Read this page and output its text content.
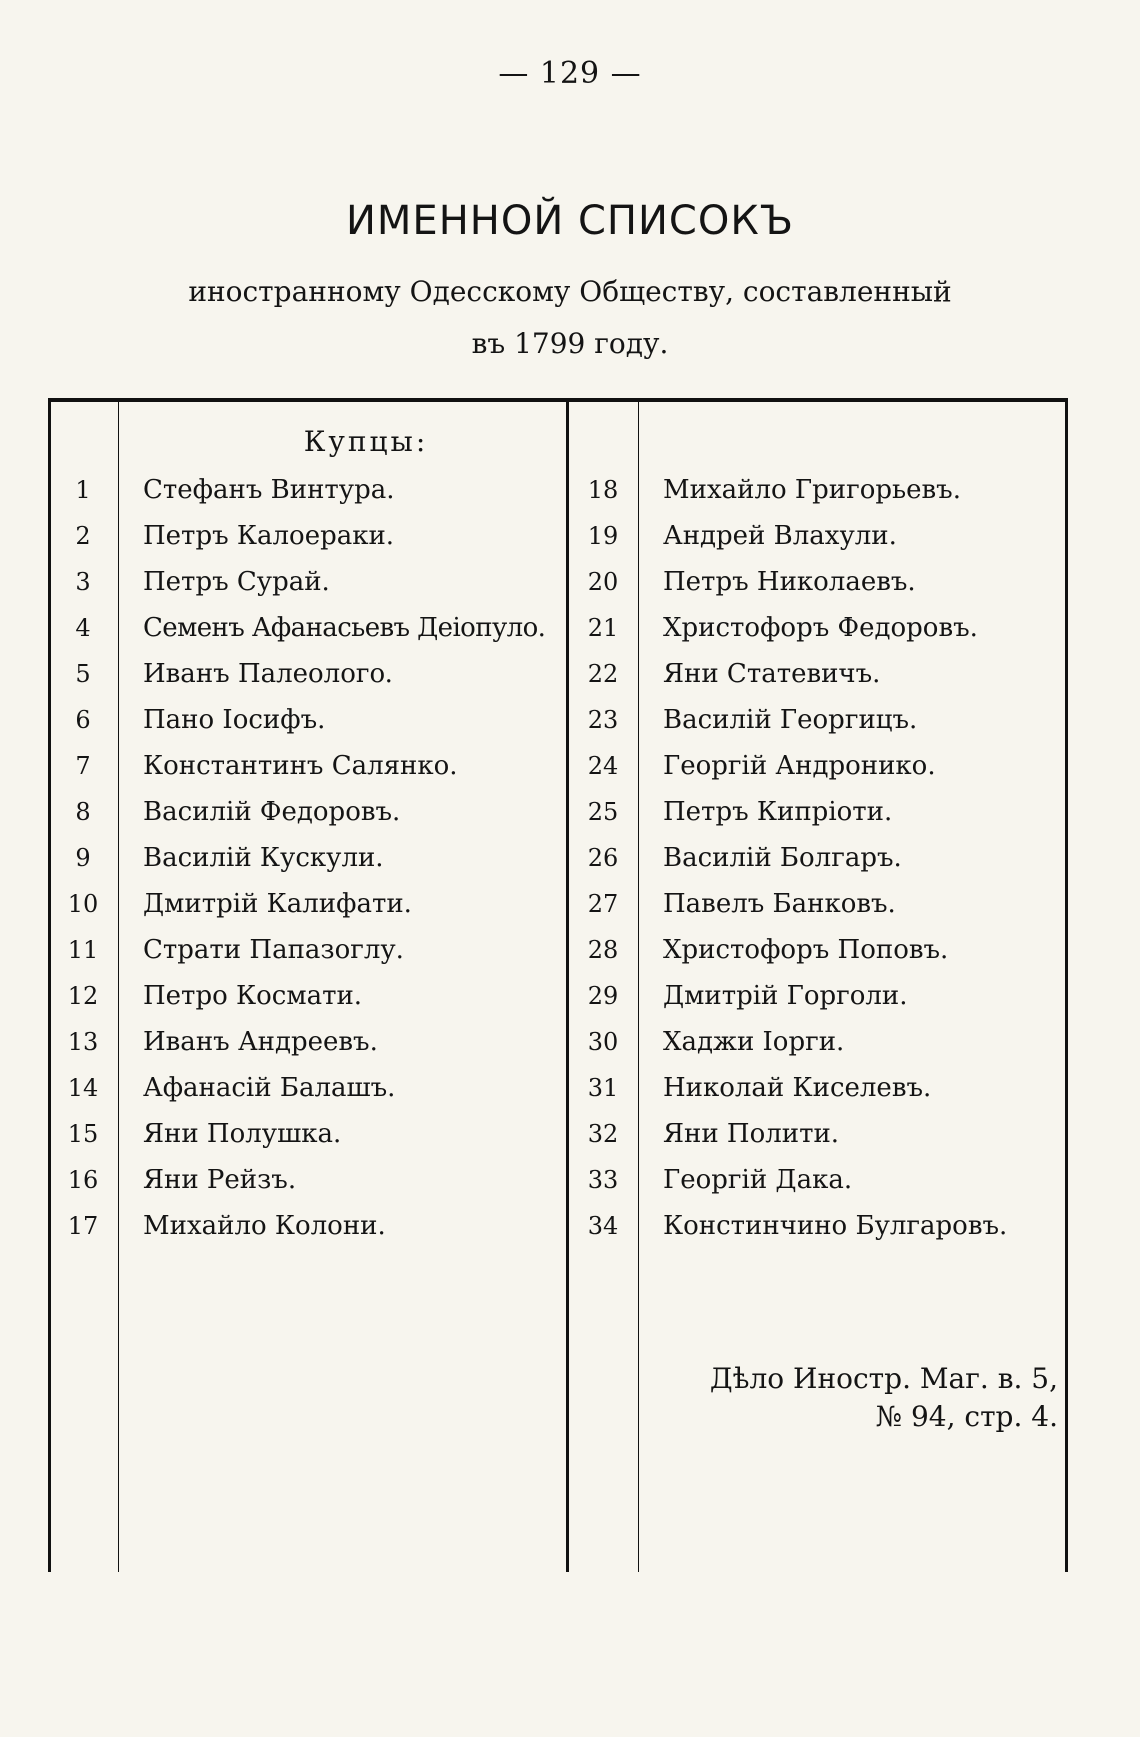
— 129 —
ИМЕННОЙ СПИСОКЪ
иностранному Одесскому Обществу, составленный
въ 1799 году.
Купцы:
1	Стефанъ Винтура.
2	Петръ Калоераки.
3	Петръ Сурай.
4	Семенъ Афанасьевъ Деiопуло.
5	Иванъ Палеологo.
6	Пано Iосифъ.
7	Константинъ Салянко.
8	Василiй Федоровъ.
9	Василiй Кускули.
10	Дмитрiй Калифати.
11	Страти Папазоглу.
12	Петро Космати.
13	Иванъ Андреевъ.
14	Афанасiй Балашъ.
15	Яни Полушка.
16	Яни Рейзъ.
17	Михайло Колони.
18	Михайло Григорьевъ.
19	Андрей Влахули.
20	Петръ Николаевъ.
21	Христофоръ Федоровъ.
22	Яни Статевичъ.
23	Василiй Георгицъ.
24	Георгiй Андронико.
25	Петръ Кипрiоти.
26	Василiй Болгаръ.
27	Павелъ Банковъ.
28	Христофоръ Поповъ.
29	Дмитрiй Горголи.
30	Хаджи Iорги.
31	Николай Киселевъ.
32	Яни Полити.
33	Георгiй Дака.
34	Констинчино Булгаровъ.
Дѣло Иностр. Маг. в. 5,
№ 94, стр. 4.
